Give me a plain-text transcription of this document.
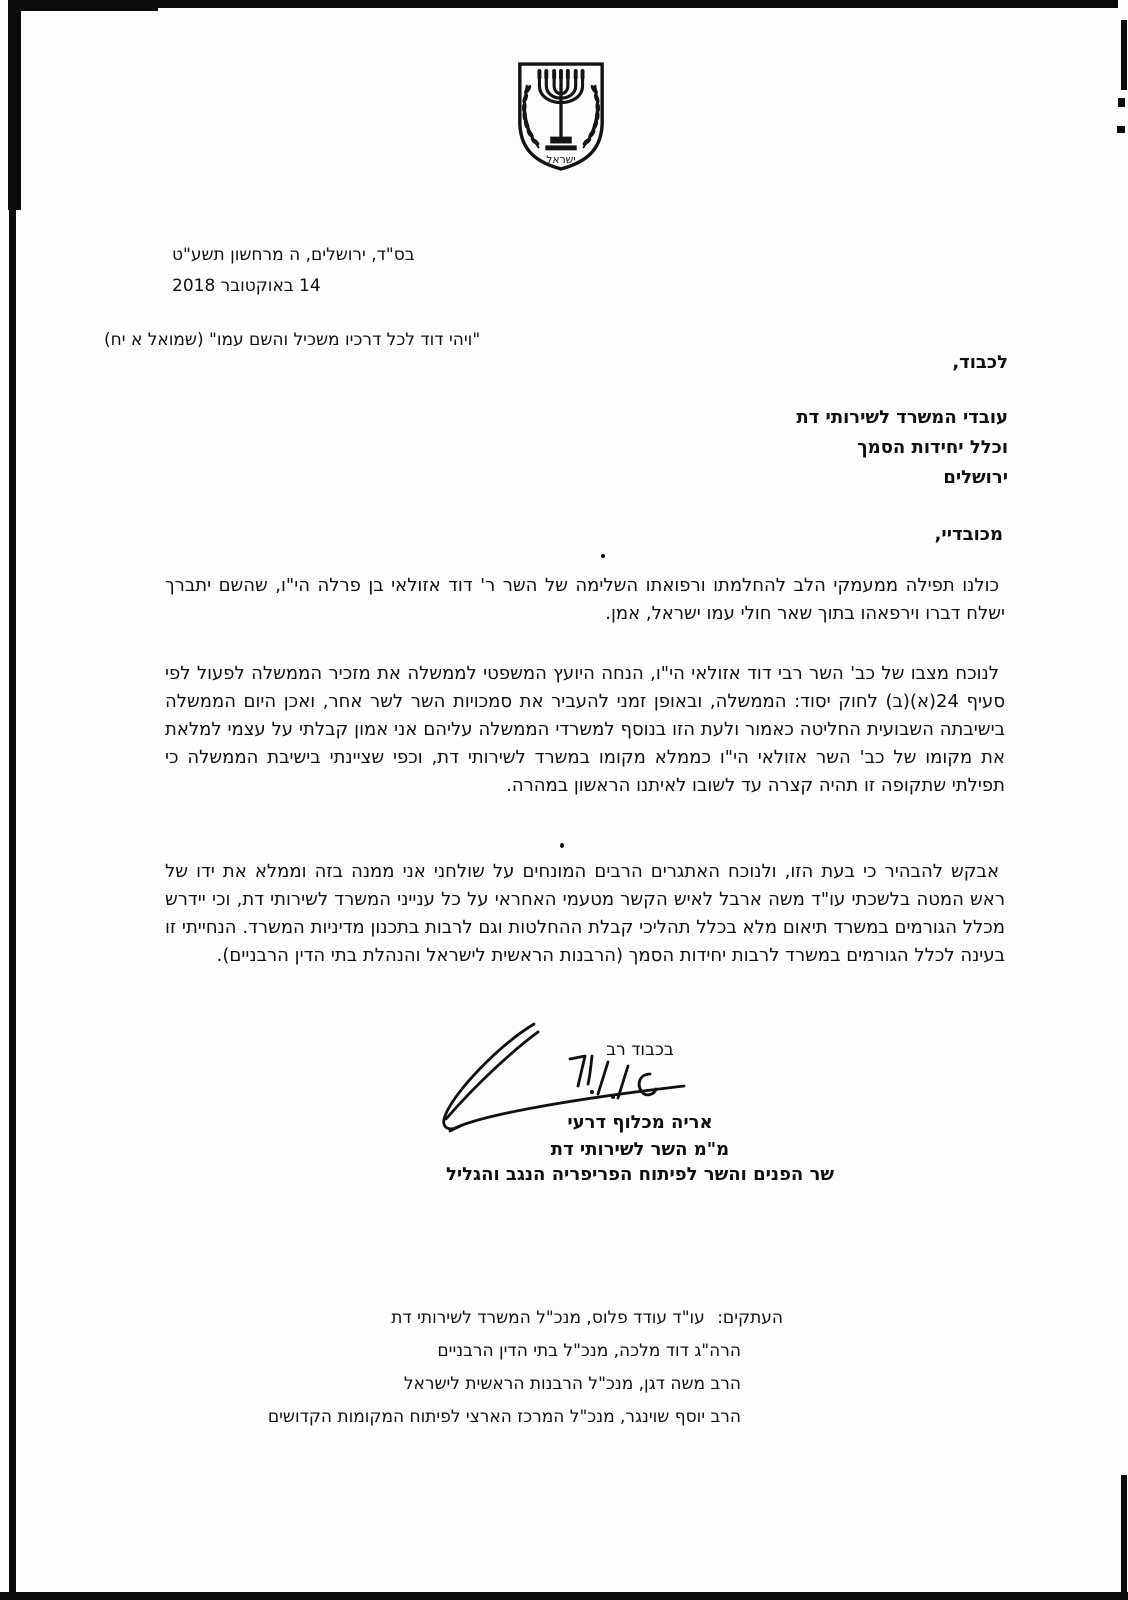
ישראל
בס"ד, ירושלים, ה מרחשון תשע"ט
14 באוקטובר 2018
"ויהי דוד לכל דרכיו משכיל והשם עמו" (שמואל א יח)
לכבוד,
עובדי המשרד לשירותי דת
וכלל יחידות הסמך
ירושלים
מכובדיי,
כולנו תפילה ממעמקי הלב להחלמתו ורפואתו השלימה של השר ר' דוד אזולאי בן פרלה הי"ו, שהשם יתברך ישלח דברו וירפאהו בתוך שאר חולי עמו ישראל, אמן.
לנוכח מצבו של כב' השר רבי דוד אזולאי הי"ו, הנחה היועץ המשפטי לממשלה את מזכיר הממשלה לפעול לפי סעיף 24(א)(ב) לחוק יסוד: הממשלה, ובאופן זמני להעביר את סמכויות השר לשר אחר, ואכן היום הממשלה בישיבתה השבועית החליטה כאמור ולעת הזו בנוסף למשרדי הממשלה עליהם אני אמון קבלתי על עצמי למלאת את מקומו של כב' השר אזולאי הי"ו כממלא מקומו במשרד לשירותי דת, וכפי שציינתי בישיבת הממשלה כי תפילתי שתקופה זו תהיה קצרה עד לשובו לאיתנו הראשון במהרה.
אבקש להבהיר כי בעת הזו, ולנוכח האתגרים הרבים המונחים על שולחני אני ממנה בזה וממלא את ידו של ראש המטה בלשכתי עו"ד משה ארבל לאיש הקשר מטעמי האחראי על כל ענייני המשרד לשירותי דת, וכי יידרש מכלל הגורמים במשרד תיאום מלא בכלל תהליכי קבלת ההחלטות וגם לרבות בתכנון מדיניות המשרד. הנחייתי זו בעינה לכלל הגורמים במשרד לרבות יחידות הסמך (הרבנות הראשית לישראל והנהלת בתי הדין הרבניים).
בכבוד רב
אריה מכלוף דרעי
מ"מ השר לשירותי דת
שר הפנים והשר לפיתוח הפריפריה הנגב והגליל
העתקים: עו"ד עודד פלוס, מנכ"ל המשרד לשירותי דת
הרה"ג דוד מלכה, מנכ"ל בתי הדין הרבניים
הרב משה דגן, מנכ"ל הרבנות הראשית לישראל
הרב יוסף שוינגר, מנכ"ל המרכז הארצי לפיתוח המקומות הקדושים
